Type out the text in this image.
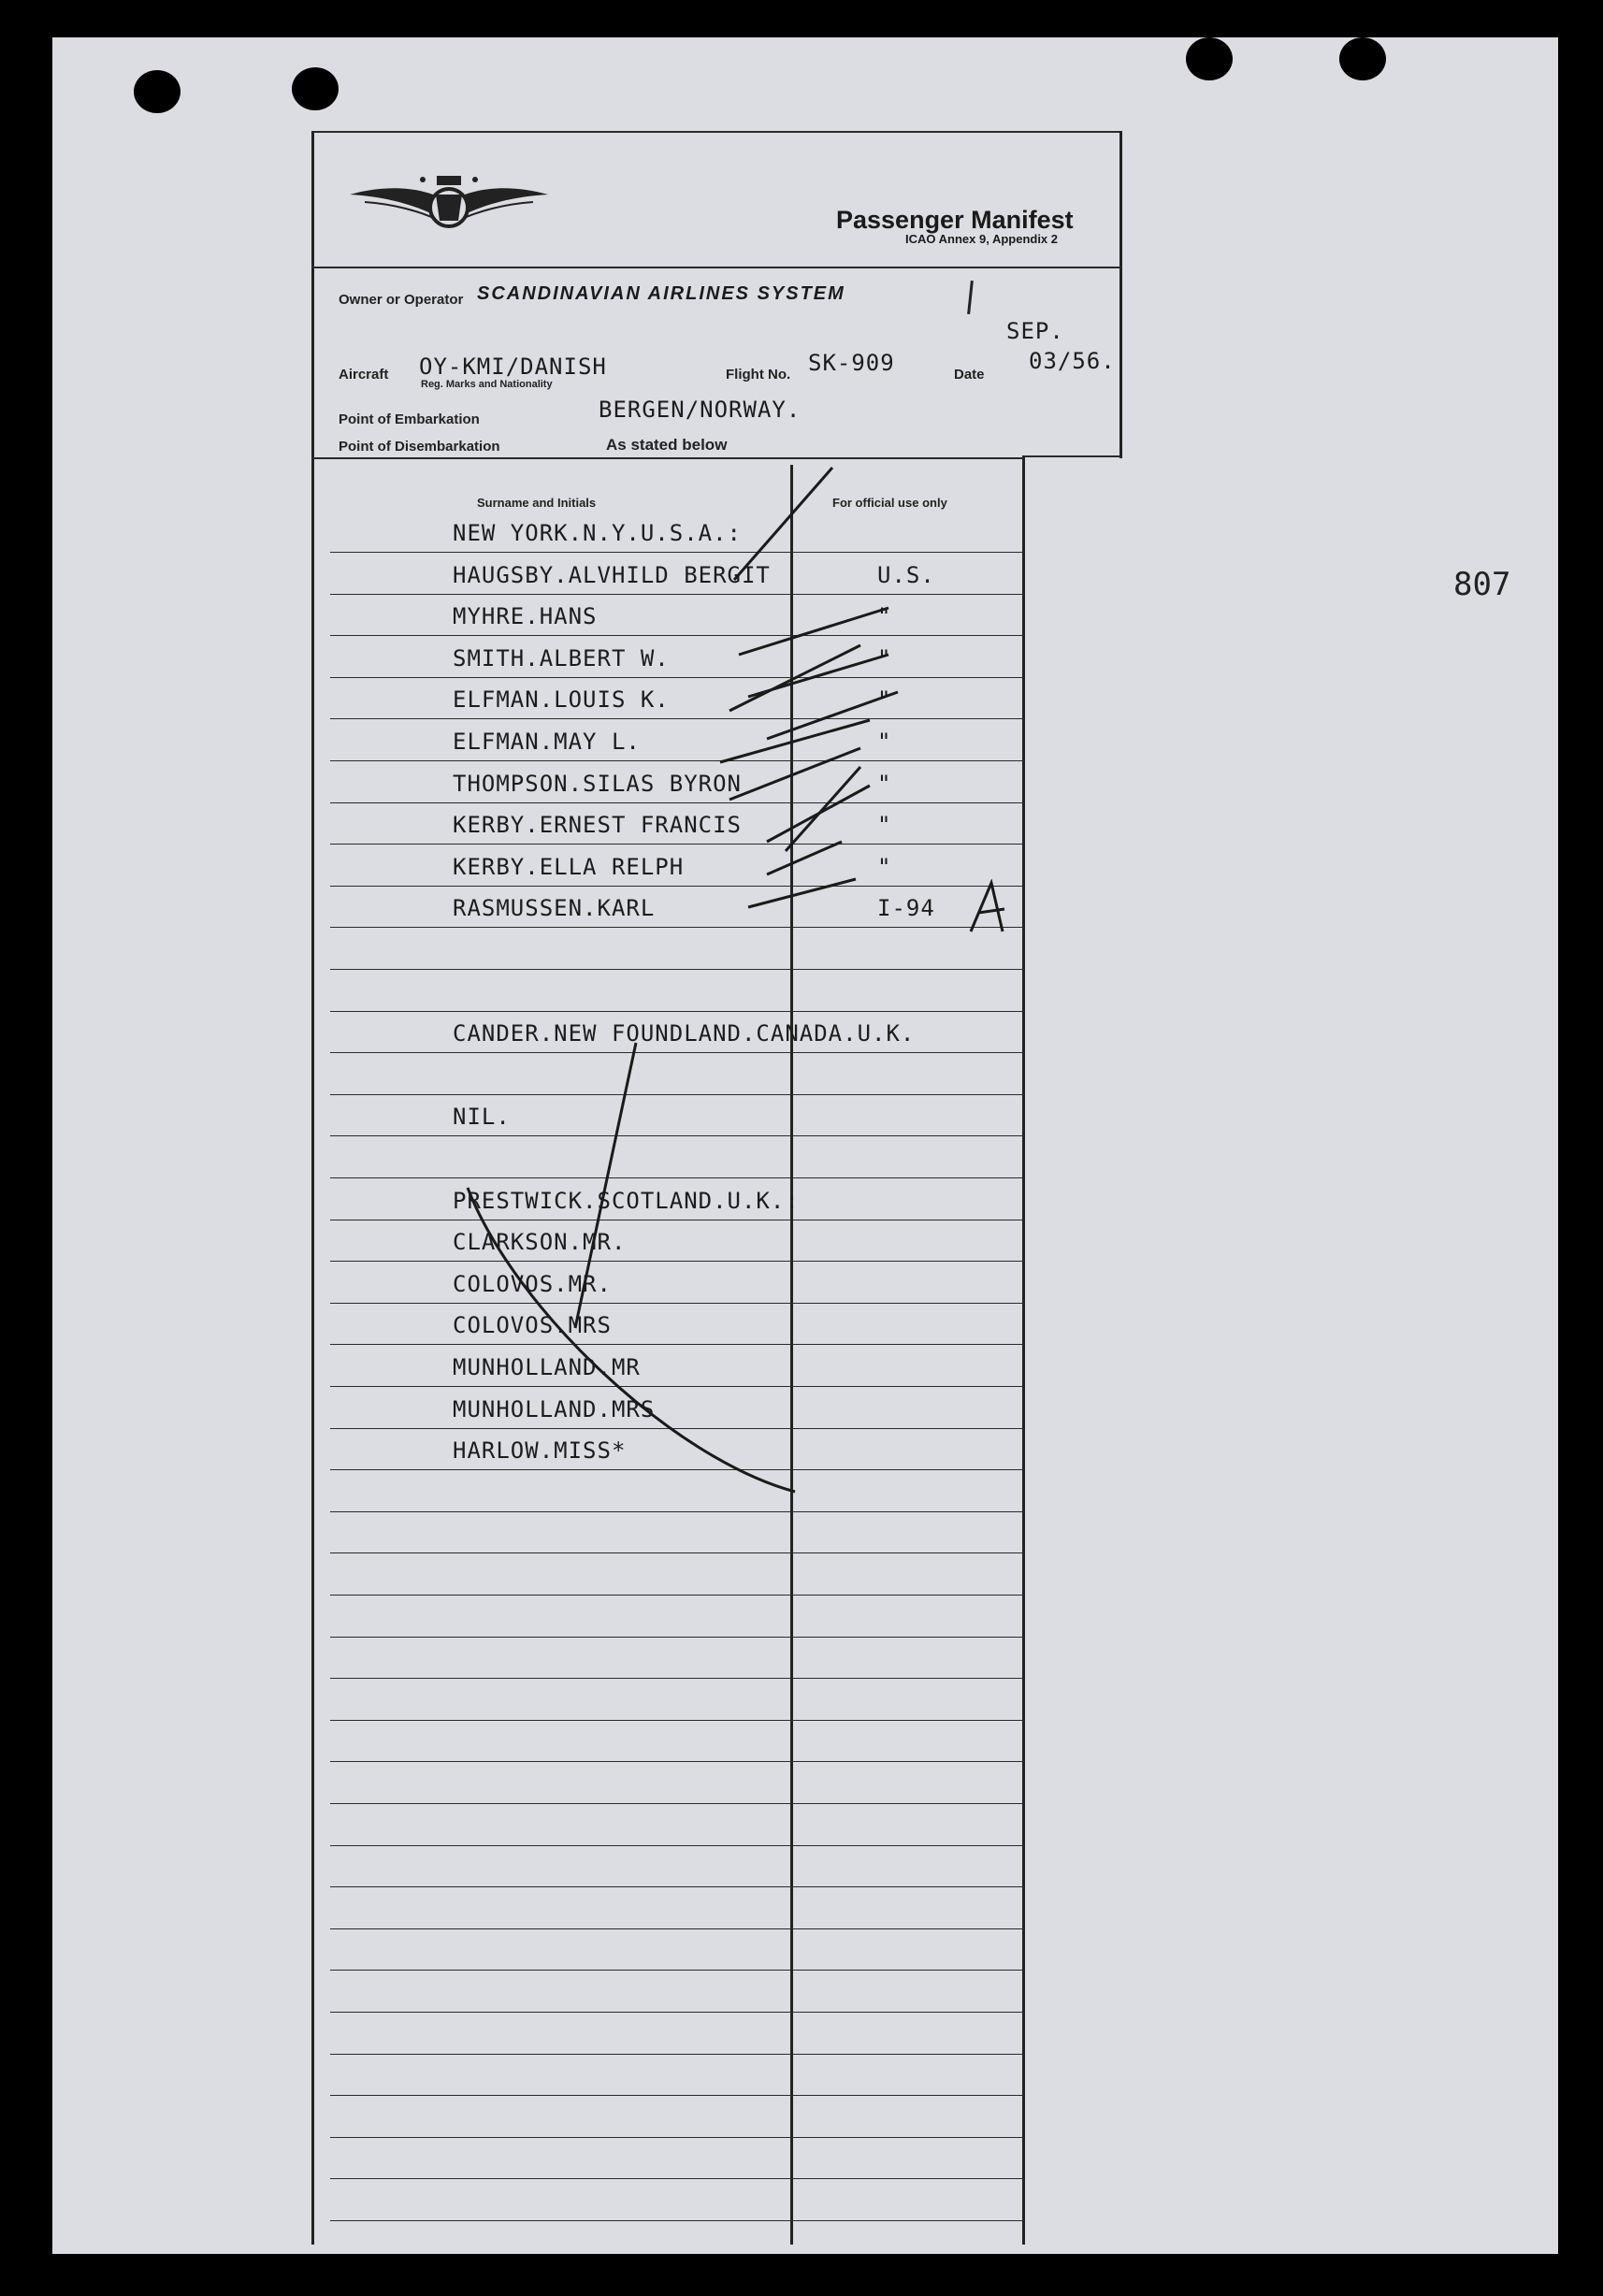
807
Passenger Manifest
ICAO Annex 9, Appendix 2
Owner or Operator SCANDINAVIAN AIRLINES SYSTEM
Aircraft OY-KMI/DANISH
Reg. Marks and Nationality
Flight No. SK-909	Date
SEP.
03/56.
Point of Embarkation	BERGEN/NORWAY.
Point of Disembarkation	As stated below
Surname and Initials	For official use only
NEW YORK.N.Y.U.S.A.:
HAUGSBY.ALVHILD BERGIT	U.S.
MYHRE.HANS	"
SMITH.ALBERT W.	"
ELFMAN.LOUIS K.	"
ELFMAN.MAY L.	"
THOMPSON.SILAS BYRON	"
KERBY.ERNEST FRANCIS	"
KERBY.ELLA RELPH	"
RASMUSSEN.KARL	I-94
CANDER.NEW FOUNDLAND.CANADA.U.K.
NIL.
PRESTWICK.SCOTLAND.U.K.:
CLARKSON.MR.
COLOVOS.MR.
COLOVOS.MRS
MUNHOLLAND.MR
MUNHOLLAND.MRS
HARLOW.MISS*
